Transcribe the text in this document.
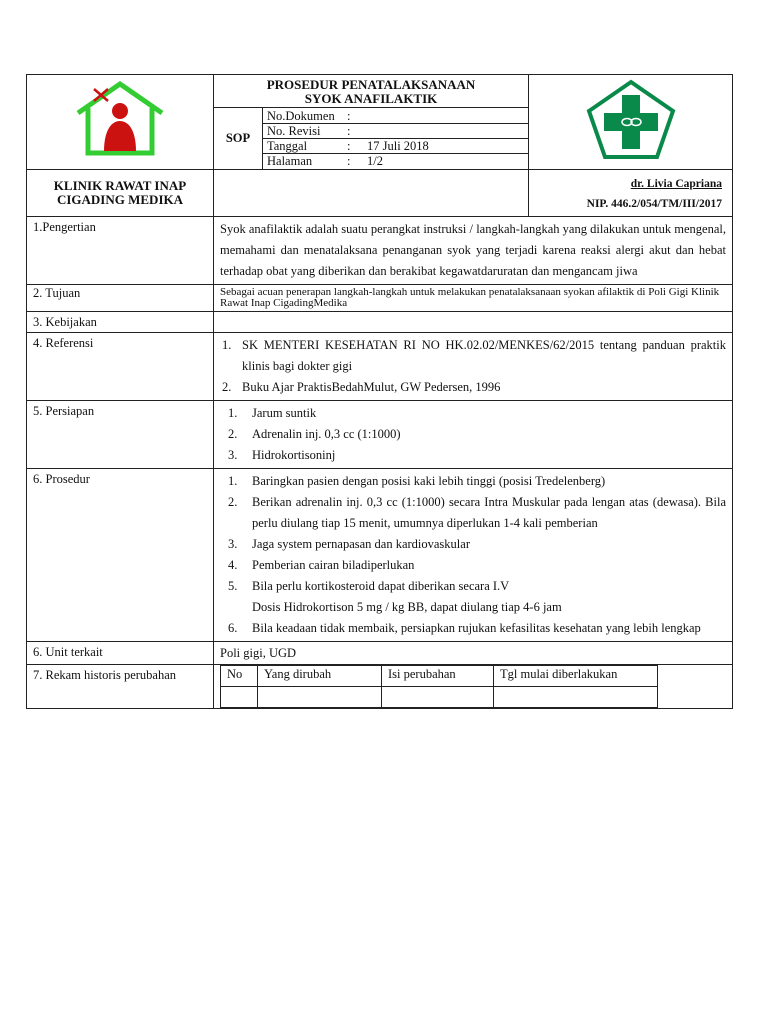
PROSEDUR PENATALAKSANAAN
SYOK ANAFILAKTIK

SOP	
No.Dokumen	:	
No. Revisi	:	
Tanggal	:	17 Juli 2018
Halaman	:	1/2

KLINIK RAWAT INAP
CIGADING MEDIKA

dr. Livia Capriana
NIP. 446.2/054/TM/III/2017

1.Pengertian	Syok anafilaktik adalah suatu perangkat instruksi / langkah-langkah yang dilakukan untuk mengenal, memahami dan menatalaksana penanganan syok yang terjadi karena reaksi alergi akut dan hebat terhadap obat yang diberikan dan berakibat kegawatdaruratan dan mengancam jiwa
2. Tujuan	Sebagai acuan penerapan langkah-langkah untuk melakukan penatalaksanaan syokan afilaktik di Poli Gigi Klinik Rawat Inap CigadingMedika
3. Kebijakan	
4. Referensi	1. SK MENTERI KESEHATAN RI NO HK.02.02/MENKES/62/2015 tentang panduan praktik klinis bagi dokter gigi
2. Buku Ajar PraktisBedahMulut, GW Pedersen, 1996

5. Persiapan	1. Jarum suntik
2. Adrenalin inj. 0,3 cc (1:1000)
3. Hidrokortisoninj

6. Prosedur	1. Baringkan pasien dengan posisi kaki lebih tinggi (posisi Tredelenberg)
2. Berikan adrenalin inj. 0,3 cc (1:1000) secara Intra Muskular pada lengan atas (dewasa). Bila perlu diulang tiap 15 menit, umumnya diperlukan 1-4 kali pemberian
3. Jaga system pernapasan dan kardiovaskular
4. Pemberian cairan biladiperlukan
5. Bila perlu kortikosteroid dapat diberikan secara I.V
Dosis Hidrokortison 5 mg / kg BB, dapat diulang tiap 4-6 jam
6. Bila keadaan tidak membaik, persiapkan rujukan kefasilitas kesehatan yang lebih lengkap

6. Unit terkait	Poli gigi, UGD
7. Rekam historis perubahan		No	Yang dirubah	Isi perubahan	Tgl mulai diberlakukan
